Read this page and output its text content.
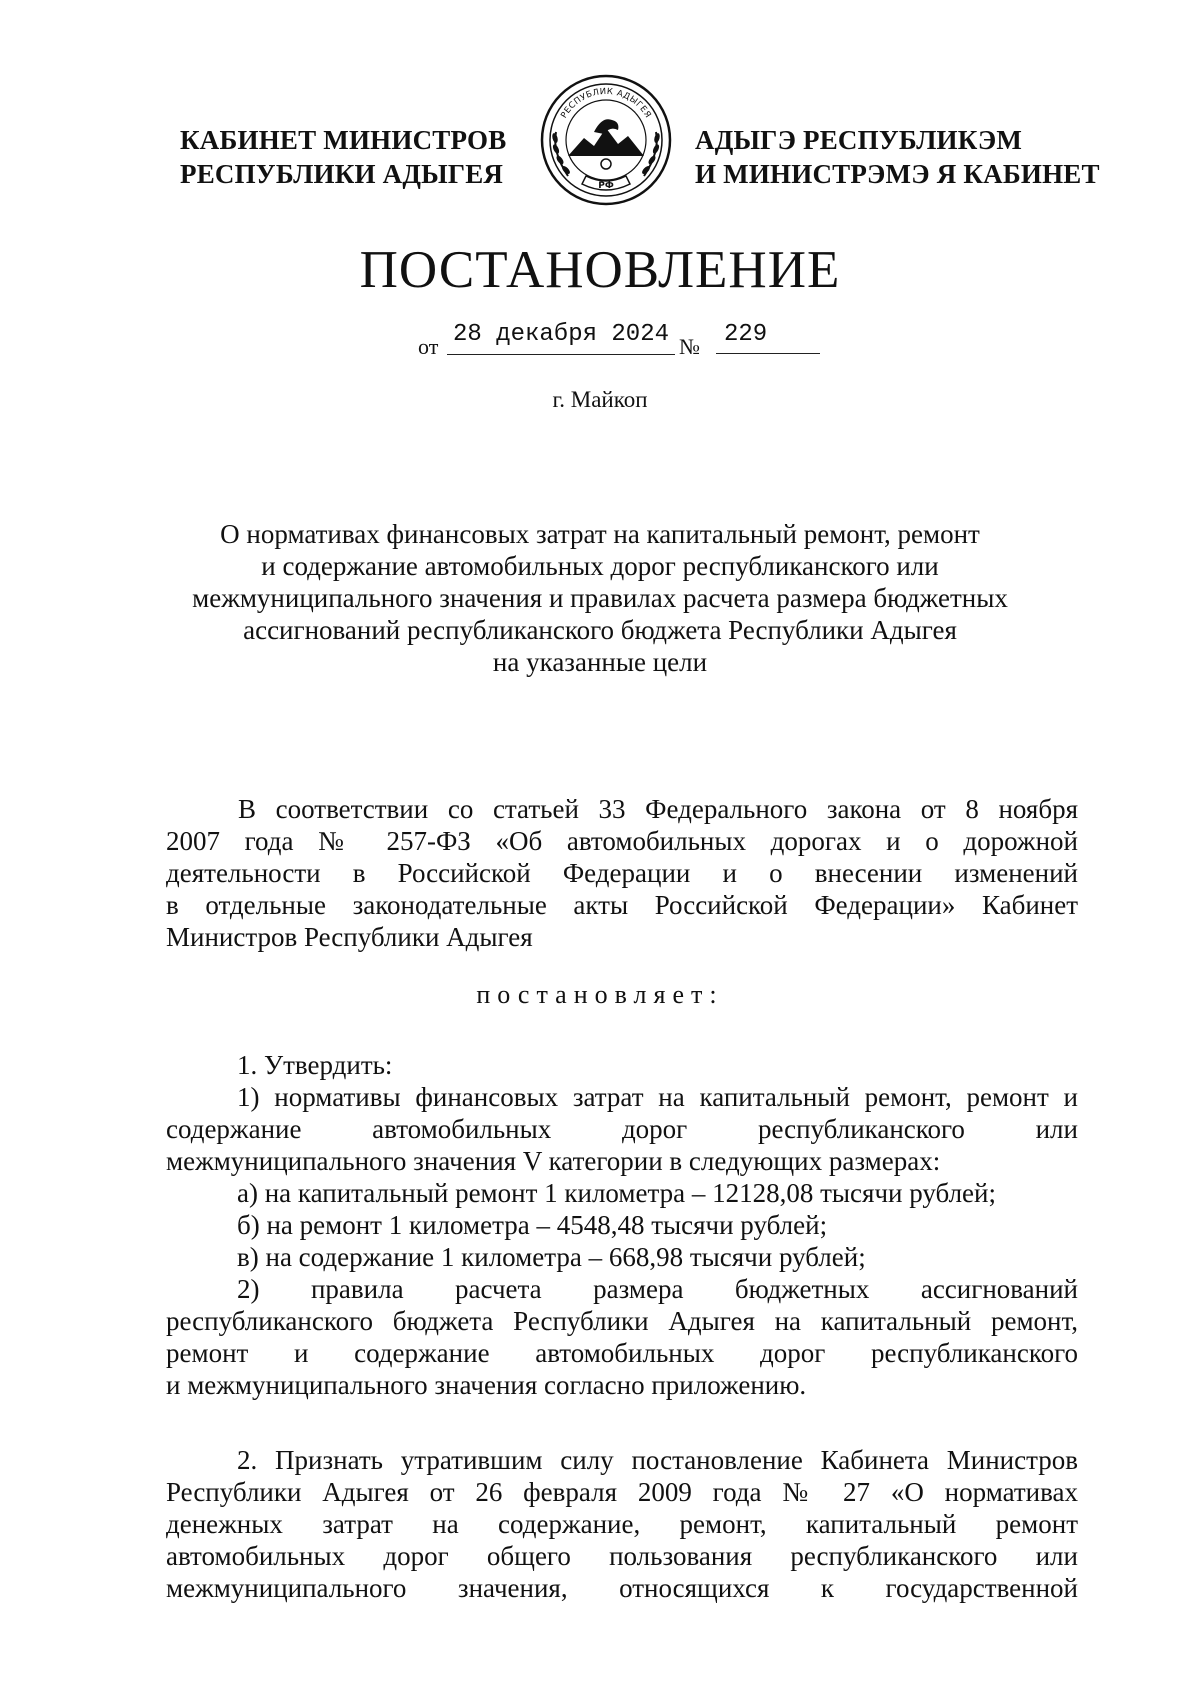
КАБИНЕТ МИНИСТРОВ
РЕСПУБЛИКИ АДЫГЕЯ
РЕСПУБЛИК АДЫГЕЯ
РФ
АДЫГЭ РЕСПУБЛИКЭМ
И МИНИСТРЭМЭ Я КАБИНЕТ
ПОСТАНОВЛЕНИЕ
от 28 декабря 2024 №	229
г. Майкоп
О нормативах финансовых затрат на капитальный ремонт, ремонт
и содержание автомобильных дорог республиканского или
межмуниципального значения и правилах расчета размера бюджетных
ассигнований республиканского бюджета Республики Адыгея
на указанные цели
В соответствии со статьей 33 Федерального закона от 8 ноября
2007 года № 257-ФЗ «Об автомобильных дорогах и о дорожной
деятельности в Российской Федерации и о внесении изменений
в отдельные законодательные акты Российской Федерации» Кабинет
Министров Республики Адыгея
постановляет:
1. Утвердить:
1) нормативы финансовых затрат на капитальный ремонт, ремонт и
содержание автомобильных дорог республиканского или
межмуниципального значения V категории в следующих размерах:
а) на капитальный ремонт 1 километра – 12128,08 тысячи рублей;
б) на ремонт 1 километра – 4548,48 тысячи рублей;
в) на содержание 1 километра – 668,98 тысячи рублей;
2) правила расчета размера бюджетных ассигнований
республиканского бюджета Республики Адыгея на капитальный ремонт,
ремонт и содержание автомобильных дорог республиканского
и межмуниципального значения согласно приложению.
2. Признать утратившим силу постановление Кабинета Министров
Республики Адыгея от 26 февраля 2009 года № 27 «О нормативах
денежных затрат на содержание, ремонт, капитальный ремонт
автомобильных дорог общего пользования республиканского или
межмуниципального значения, относящихся к государственной
